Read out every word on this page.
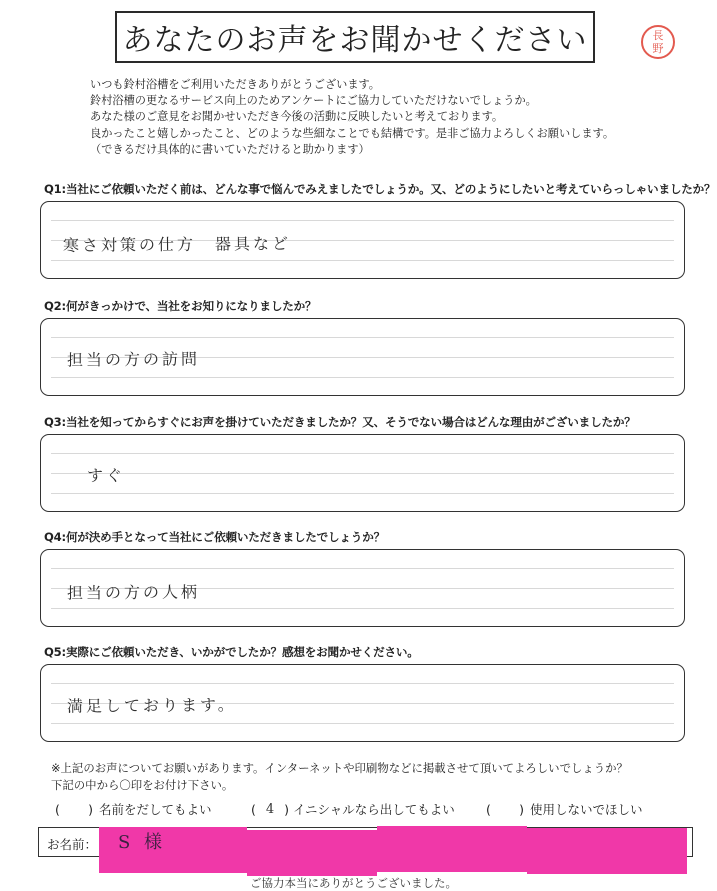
あなたのお声をお聞かせください	長
野
いつも鈴村浴槽をご利用いただきありがとうございます。
鈴村浴槽の更なるサービス向上のためアンケートにご協力していただけないでしょうか。
あなた様のご意見をお聞かせいただき今後の活動に反映したいと考えております。
良かったこと嬉しかったこと、どのような些細なことでも結構です。是非ご協力よろしくお願いします。
（できるだけ具体的に書いていただけると助かります）
Q1:当社にご依頼いただく前は、どんな事で悩んでみえましたでしょうか。又、どのようにしたいと考えていらっしゃいましたか？
寒さ対策の仕方　器具など
Q2:何がきっかけで、当社をお知りになりましたか？
担当の方の訪問
Q3:当社を知ってからすぐにお声を掛けていただきましたか？又、そうでない場合はどんな理由がございましたか？
すぐ
Q4:何が決め手となって当社にご依頼いただきましたでしょうか？
担当の方の人柄
Q5:実際にご依頼いただき、いかがでしたか？感想をお聞かせください。
満足しております。
※上記のお声についてお願いがあります。インターネットや印刷物などに掲載させて頂いてよろしいでしょうか？
下記の中から〇印をお付け下さい。
( ) 名前をだしてもよい	( 4 ) イニシャルなら出してもよい ( ) 使用しないでほしい
お名前： S 様
ご協力本当にありがとうございました。
